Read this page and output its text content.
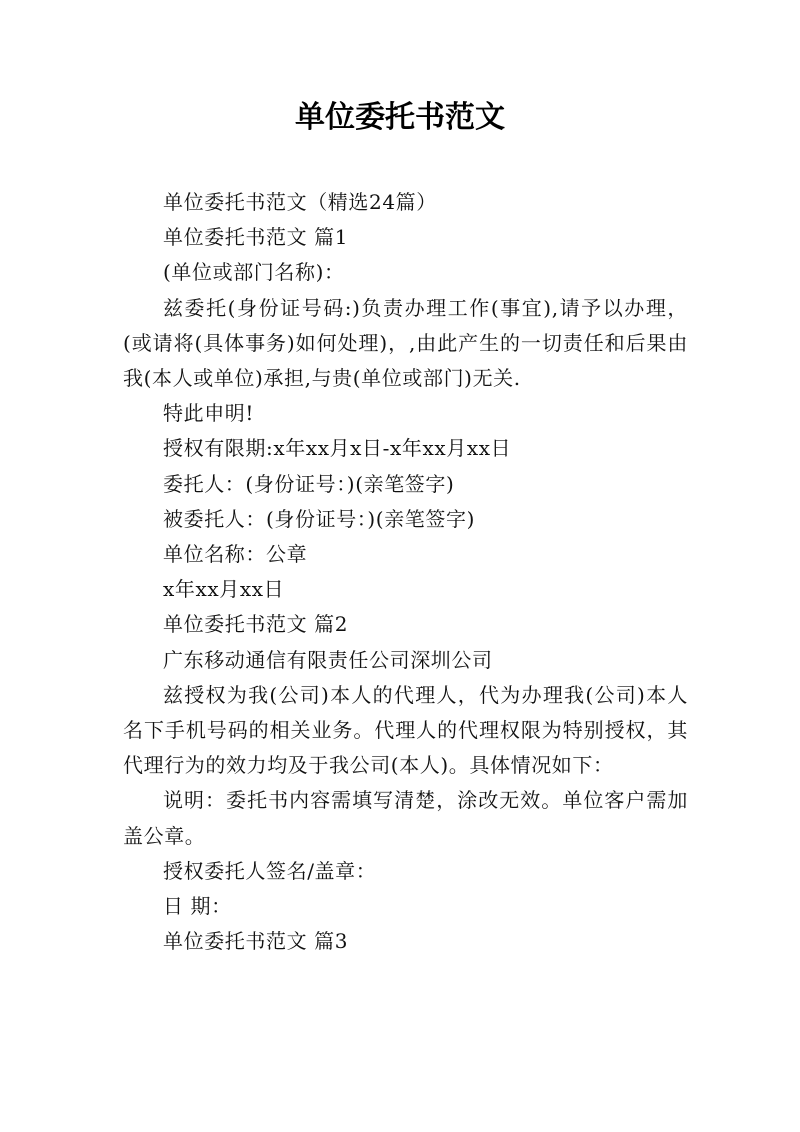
单位委托书范文

单位委托书范文（精选24篇）

单位委托书范文 篇1

(单位或部门名称)：

兹委托(身份证号码:)负责办理工作(事宜),请予以办理，(或请将(具体事务)如何处理)，,由此产生的一切责任和后果由我(本人或单位)承担,与贵(单位或部门)无关.

特此申明!

授权有限期:x年xx月x日-x年xx月xx日

委托人：(身份证号：)(亲笔签字)

被委托人：(身份证号：)(亲笔签字)

单位名称：公章

x年xx月xx日

单位委托书范文 篇2

广东移动通信有限责任公司深圳公司

兹授权为我(公司)本人的代理人，代为办理我(公司)本人名下手机号码的相关业务。代理人的代理权限为特别授权，其代理行为的效力均及于我公司(本人)。具体情况如下：

说明：委托书内容需填写清楚，涂改无效。单位客户需加盖公章。

授权委托人签名/盖章：

日 期：

单位委托书范文 篇3
